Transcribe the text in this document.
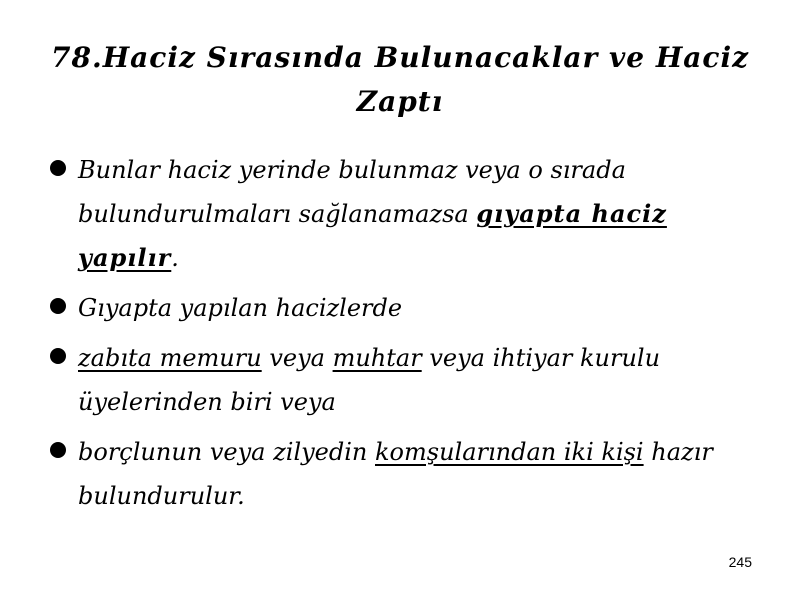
78.Haciz Sırasında Bulunacaklar ve Haciz
Zaptı
Bunlar haciz yerinde bulunmaz veya o sırada bulundurulmaları sağlanamazsa gıyapta haciz yapılır.
Gıyapta yapılan hacizlerde
zabıta memuru veya muhtar veya ihtiyar kurulu üyelerinden biri veya
borçlunun veya zilyedin komşularından iki kişi hazır bulundurulur.
245
